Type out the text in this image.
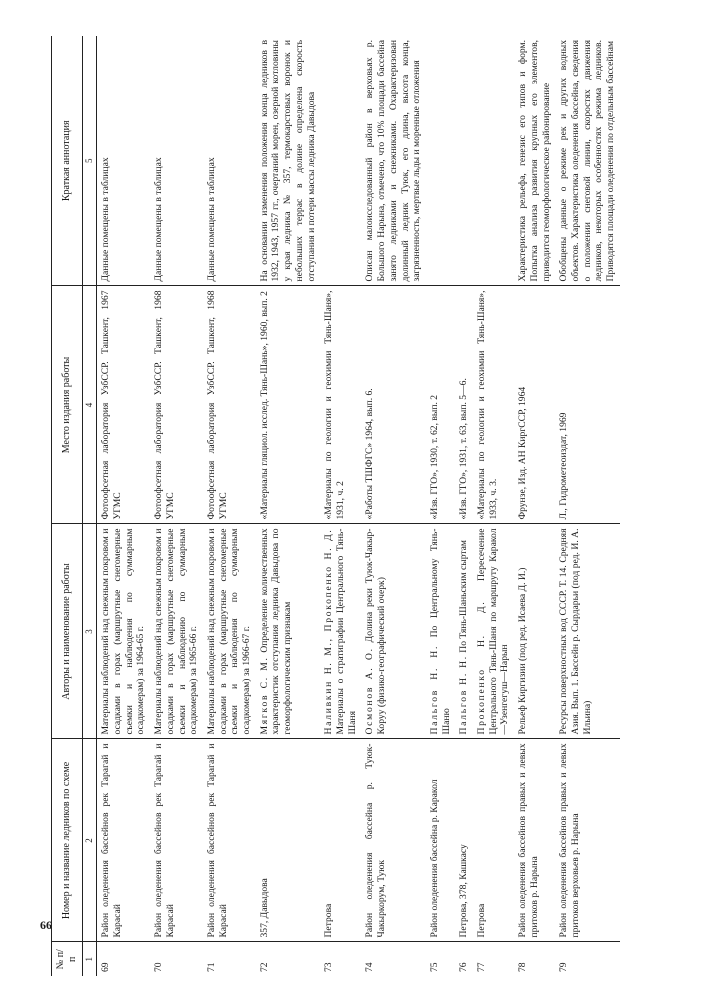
66
№ п/п	Номер и название ледников по схеме	Авторы и наименование работы	Место издания работы	Краткая аннотация
1	2	3	4	5
69	Район оледенения бассейнов рек Тарагай и Карасай	Материалы наблюдений над снежным покровом и осадками в горах (маршрутные снегомерные съемки и наблюдения по суммарным осадкомерам) за 1964-65 г.	Фотоофсетная лаборатория УзбССР. Ташкент, 1967 УГМС	Данные помещены в таблицах
70	Район оледенения бассейнов рек Тарагай и Карасай	Материалы наблюдений над снежным покровом и осадками в горах (маршрутные снегомерные съемки и наблюдению по суммарным осадкомерам) за 1965-66 г.	Фотоофсетная лаборатория УзбССР. Ташкент, 1968 УГМС	Данные помещены в таблицах
71	Район оледенения бассейнов рек Тарагай и Карасай	Материалы наблюдений над снежным покровом и осадками в горах (маршрутные снегомерные съемки и наблюдения по суммарным осадкомерам) за 1966-67 г.	Фотоофсетная лаборатория УзбССР. Ташкент, 1968 УГМС	Данные помещены в таблицах
72	357, Давыдова	Мягков С. М. Определение количественных характеристик отступания ледника Давыдова по геоморфологическим признакам	«Материалы гляциол. исслед. Тянь-Шань», 1960, вып. 2	На основании изменения положения конца ледников в 1932, 1943, 1957 гг., очертаний морен, озерной котловины у края ледника № 357, термокарстовых воронок и небольших террас в долине определена скорость отступания и потери массы ледника Давыдова
73	Петрова	Наливкин Н. М., Прокопенко Н. Д. Материалы о стратиграфии Центрального Тянь-Шаня	«Материалы по геологии и геохимии Тянь-Шаня», 1931, ч. 2	
74	Район оледенения бассейна р. Туюк-Чакыркорум, Туюк	Осмонов А. О. Долина реки Туюк-Чакыр-Коруу (физико-географический очерк)	«Работы ТШФГС» 1964, вып. 6.	Описан малоисследованный район в верховьях р. Большого Нарына, отмечено, что 10% площади бассейна занято ледниками и снежниками. Охарактеризован долинный ледник Туюк, его длина, высота конца, загрязненность, мертвые льды и моренные отложения
75	Район оледенения бассейна р. Каракол	Пальгов Н. Н. По Центральному Тянь-Шаню	«Изв. ГГО», 1930, т. 62, вып. 2	
76	Петрова, 378, Кашкасу	Пальгов Н. Н. По Тянь-Шаньским сыртам	«Изв. ГГО», 1931, т. 63, вып. 5—6.	
77	Петрова	Прокопенко Н. Д. Пересечение Центрального Тянь-Шаня по маршруту Каракол—Узенгегуш—Нарын	«Материалы по геологии и геохимии Тянь-Шаня», 1933, ч. 3.	
78	Район оледенения бассейнов правых и левых притоков р. Нарына	Рельеф Киргизии (под ред. Исаева Д. И.)	Фрунзе, Изд. АН КиргССР, 1964	Характеристика рельефа, генезис его типов и форм. Попытка анализа развития крупных его элементов, приводится геоморфологическое районирование
79	Район оледенения бассейнов правых и левых притоков верховьев р. Нарына	Ресурсы поверхностных вод СССР. Т. 14. Средняя Азия. Вып. 1. Бассейн р. Сырдарьи (под ред. И. А. Ильина)	Л., Гидрометеоиздат, 1969	Обобщены данные о режиме рек и других водных объектов. Характеристика оледенения бассейна, сведения о положении снеговой линии, скоростях движения ледников, некоторых особенностях режима ледников. Приводятся площади оледенения по отдельным бассейнам
